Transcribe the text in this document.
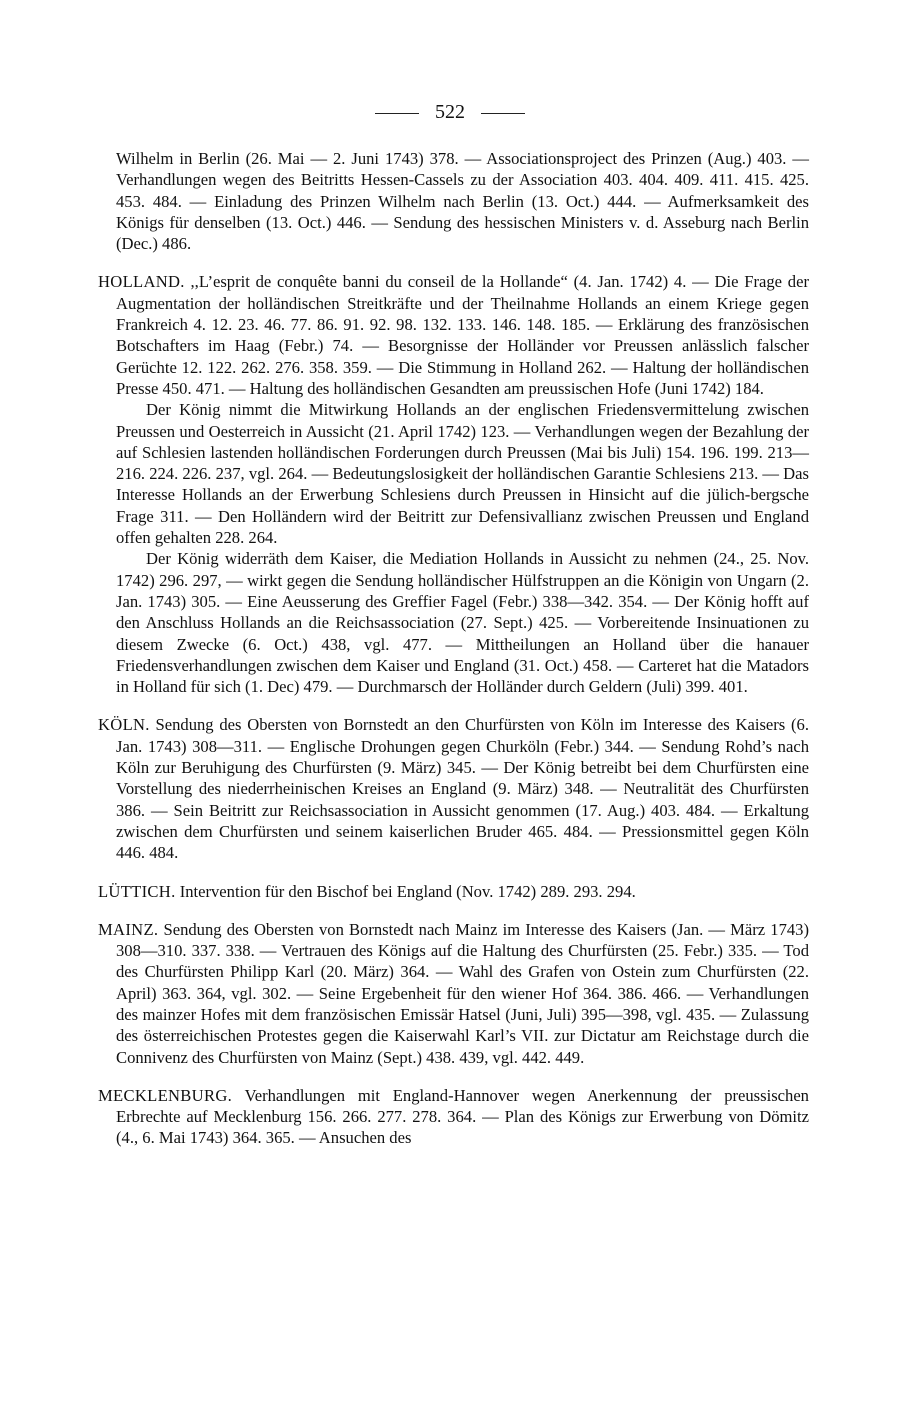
522

Wilhelm in Berlin (26. Mai — 2. Juni 1743) 378. — Associationsproject des Prinzen (Aug.) 403. — Verhandlungen wegen des Beitritts Hessen-Cassels zu der Association 403. 404. 409. 411. 415. 425. 453. 484. — Einladung des Prinzen Wilhelm nach Berlin (13. Oct.) 444. — Aufmerksamkeit des Königs für denselben (13. Oct.) 446. — Sendung des hessischen Ministers v. d. Asseburg nach Berlin (Dec.) 486.

HOLLAND. ,,L’esprit de conquête banni du conseil de la Hollande“ (4. Jan. 1742) 4. — Die Frage der Augmentation der holländischen Streitkräfte und der Theilnahme Hollands an einem Kriege gegen Frankreich 4. 12. 23. 46. 77. 86. 91. 92. 98. 132. 133. 146. 148. 185. — Erklärung des französischen Botschafters im Haag (Febr.) 74. — Besorgnisse der Holländer vor Preussen anlässlich falscher Gerüchte 12. 122. 262. 276. 358. 359. — Die Stimmung in Holland 262. — Haltung der holländischen Presse 450. 471. — Haltung des holländischen Gesandten am preussischen Hofe (Juni 1742) 184.

Der König nimmt die Mitwirkung Hollands an der englischen Friedensvermittelung zwischen Preussen und Oesterreich in Aussicht (21. April 1742) 123. — Verhandlungen wegen der Bezahlung der auf Schlesien lastenden holländischen Forderungen durch Preussen (Mai bis Juli) 154. 196. 199. 213—216. 224. 226. 237, vgl. 264. — Bedeutungslosigkeit der holländischen Garantie Schlesiens 213. — Das Interesse Hollands an der Erwerbung Schlesiens durch Preussen in Hinsicht auf die jülich-bergsche Frage 311. — Den Holländern wird der Beitritt zur Defensivallianz zwischen Preussen und England offen gehalten 228. 264.

Der König widerräth dem Kaiser, die Mediation Hollands in Aussicht zu nehmen (24., 25. Nov. 1742) 296. 297, — wirkt gegen die Sendung holländischer Hülfstruppen an die Königin von Ungarn (2. Jan. 1743) 305. — Eine Aeusserung des Greffier Fagel (Febr.) 338—342. 354. — Der König hofft auf den Anschluss Hollands an die Reichsassociation (27. Sept.) 425. — Vorbereitende Insinuationen zu diesem Zwecke (6. Oct.) 438, vgl. 477. — Mittheilungen an Holland über die hanauer Friedensverhandlungen zwischen dem Kaiser und England (31. Oct.) 458. — Carteret hat die Matadors in Holland für sich (1. Dec) 479. — Durchmarsch der Holländer durch Geldern (Juli) 399. 401.

KÖLN. Sendung des Obersten von Bornstedt an den Churfürsten von Köln im Interesse des Kaisers (6. Jan. 1743) 308—311. — Englische Drohungen gegen Churköln (Febr.) 344. — Sendung Rohd’s nach Köln zur Beruhigung des Churfürsten (9. März) 345. — Der König betreibt bei dem Churfürsten eine Vorstellung des niederrheinischen Kreises an England (9. März) 348. — Neutralität des Churfürsten 386. — Sein Beitritt zur Reichsassociation in Aussicht genommen (17. Aug.) 403. 484. — Erkaltung zwischen dem Churfürsten und seinem kaiserlichen Bruder 465. 484. — Pressionsmittel gegen Köln 446. 484.

LÜTTICH. Intervention für den Bischof bei England (Nov. 1742) 289. 293. 294.

MAINZ. Sendung des Obersten von Bornstedt nach Mainz im Interesse des Kaisers (Jan. — März 1743) 308—310. 337. 338. — Vertrauen des Königs auf die Haltung des Churfürsten (25. Febr.) 335. — Tod des Churfürsten Philipp Karl (20. März) 364. — Wahl des Grafen von Ostein zum Churfürsten (22. April) 363. 364, vgl. 302. — Seine Ergebenheit für den wiener Hof 364. 386. 466. — Verhandlungen des mainzer Hofes mit dem französischen Emissär Hatsel (Juni, Juli) 395—398, vgl. 435. — Zulassung des österreichischen Protestes gegen die Kaiserwahl Karl’s VII. zur Dictatur am Reichstage durch die Connivenz des Churfürsten von Mainz (Sept.) 438. 439, vgl. 442. 449.

MECKLENBURG. Verhandlungen mit England-Hannover wegen Anerkennung der preussischen Erbrechte auf Mecklenburg 156. 266. 277. 278. 364. — Plan des Königs zur Erwerbung von Dömitz (4., 6. Mai 1743) 364. 365. — Ansuchen des
